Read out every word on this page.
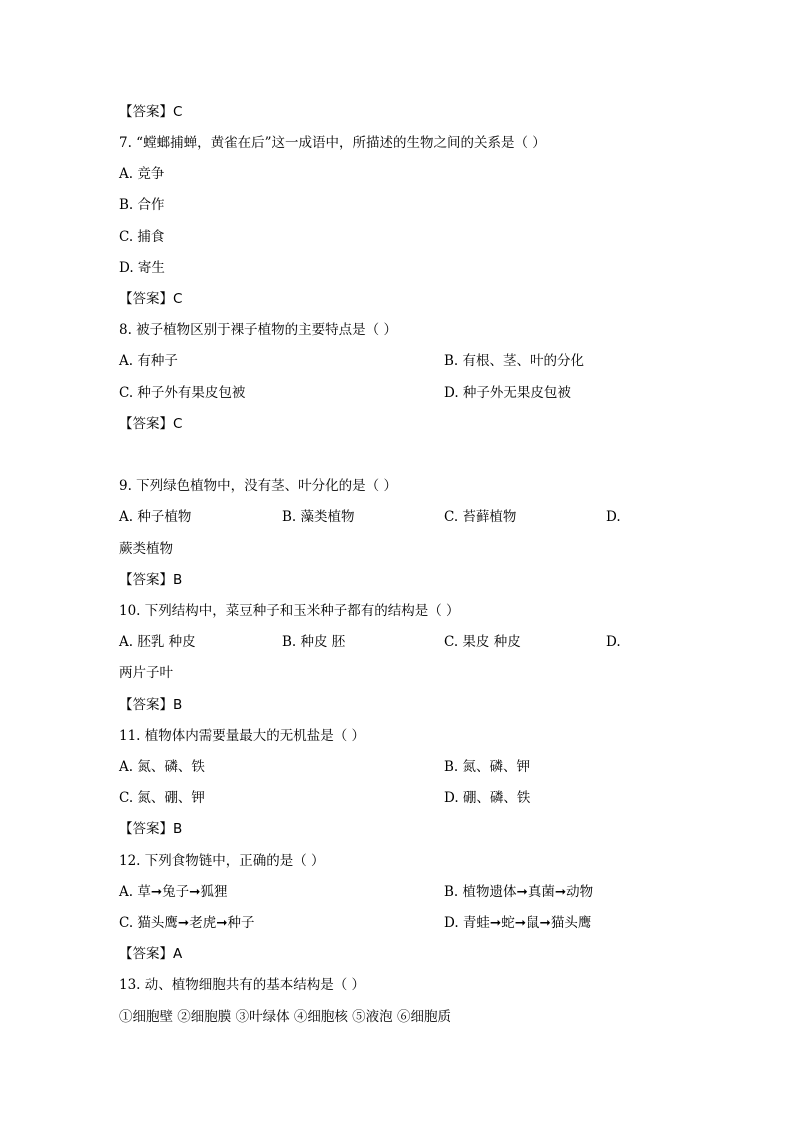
【答案】C
7. “螳螂捕蝉，黄雀在后”这一成语中，所描述的生物之间的关系是（ ）
A. 竞争
B. 合作
C. 捕食
D. 寄生
【答案】C
8. 被子植物区别于裸子植物的主要特点是（ ）
A. 有种子	B. 有根、茎、叶的分化
C. 种子外有果皮包被	D. 种子外无果皮包被
【答案】C
9. 下列绿色植物中，没有茎、叶分化的是（ ）
A. 种子植物	B. 藻类植物	C. 苔藓植物	D.
蕨类植物
【答案】B
10. 下列结构中，菜豆种子和玉米种子都有的结构是（ ）
A. 胚乳 种皮	B. 种皮 胚	C. 果皮 种皮	D.
两片子叶
【答案】B
11. 植物体内需要量最大的无机盐是（ ）
A. 氮、磷、铁	B. 氮、磷、钾
C. 氮、硼、钾	D. 硼、磷、铁
【答案】B
12. 下列食物链中，正确的是（ ）
A. 草➞兔子➞狐狸	B. 植物遗体➞真菌➞动物
C. 猫头鹰➞老虎➞种子	D. 青蛙➞蛇➞鼠➞猫头鹰
【答案】A
13. 动、植物细胞共有的基本结构是（ ）
①细胞壁 ②细胞膜 ③叶绿体 ④细胞核 ⑤液泡 ⑥细胞质
